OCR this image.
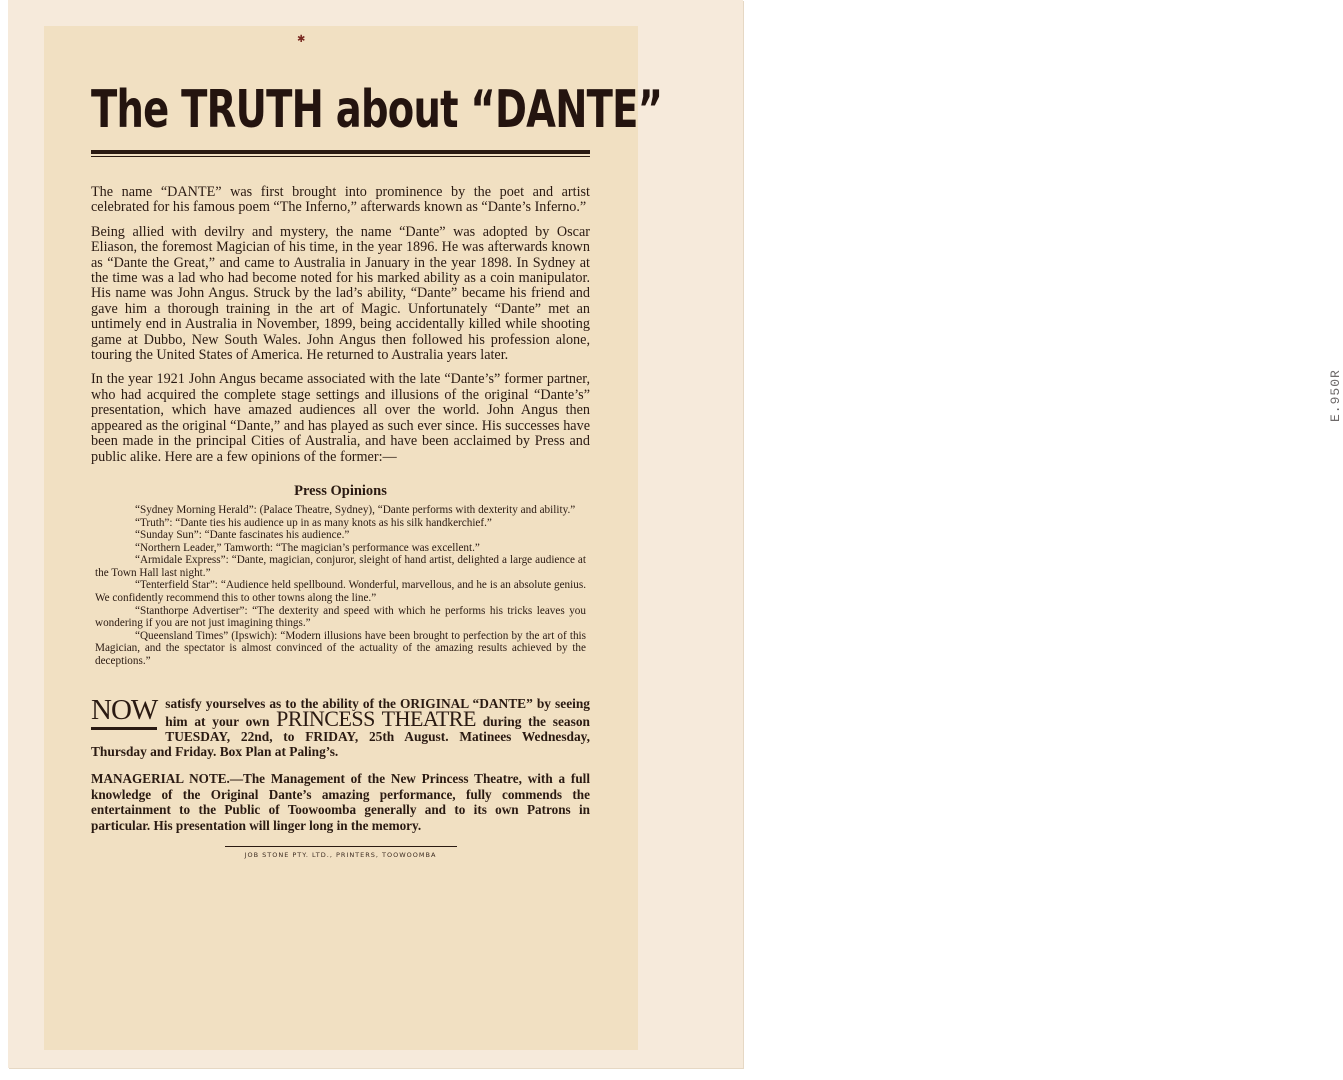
E.950R
✱
The TRUTH about “DANTE”

The name “DANTE” was first brought into prominence by the poet and artist celebrated for his famous poem “The Inferno,” afterwards known as “Dante’s Inferno.”

Being allied with devilry and mystery, the name “Dante” was adopted by Oscar Eliason, the foremost Magician of his time, in the year 1896. He was afterwards known as “Dante the Great,” and came to Australia in January in the year 1898. In Sydney at the time was a lad who had become noted for his marked ability as a coin manipulator. His name was John Angus. Struck by the lad’s ability, “Dante” became his friend and gave him a thorough training in the art of Magic. Unfortunately “Dante” met an untimely end in Australia in November, 1899, being accidentally killed while shooting game at Dubbo, New South Wales. John Angus then followed his profession alone, touring the United States of America. He returned to Australia years later.

In the year 1921 John Angus became associated with the late “Dante’s” former partner, who had acquired the complete stage settings and illusions of the original “Dante’s” presentation, which have amazed audiences all over the world. John Angus then appeared as the original “Dante,” and has played as such ever since. His successes have been made in the principal Cities of Australia, and have been acclaimed by Press and public alike. Here are a few opinions of the former:—

Press Opinions

“Sydney Morning Herald”: (Palace Theatre, Sydney), “Dante performs with dexterity and ability.”

“Truth”: “Dante ties his audience up in as many knots as his silk handkerchief.”

“Sunday Sun”: “Dante fascinates his audience.”

“Northern Leader,” Tamworth: “The magician’s performance was excellent.”

“Armidale Express”: “Dante, magician, conjuror, sleight of hand artist, delighted a large audience at the Town Hall last night.”

“Tenterfield Star”: “Audience held spellbound. Wonderful, marvellous, and he is an absolute genius. We confidently recommend this to other towns along the line.”

“Stanthorpe Advertiser”: “The dexterity and speed with which he performs his tricks leaves you wondering if you are not just imagining things.”

“Queensland Times” (Ipswich): “Modern illusions have been brought to perfection by the art of this Magician, and the spectator is almost convinced of the actuality of the amazing results achieved by the deceptions.”

NOW satisfy yourselves as to the ability of the ORIGINAL “DANTE” by seeing him at your own PRINCESS THEATRE during the season TUESDAY, 22nd, to FRIDAY, 25th August. Matinees Wednesday, Thursday and Friday. Box Plan at Paling’s.

MANAGERIAL NOTE.—The Management of the New Princess Theatre, with a full knowledge of the Original Dante’s amazing performance, fully commends the entertainment to the Public of Toowoomba generally and to its own Patrons in particular. His presentation will linger long in the memory.

JOB STONE PTY. LTD., PRINTERS, TOOWOOMBA
